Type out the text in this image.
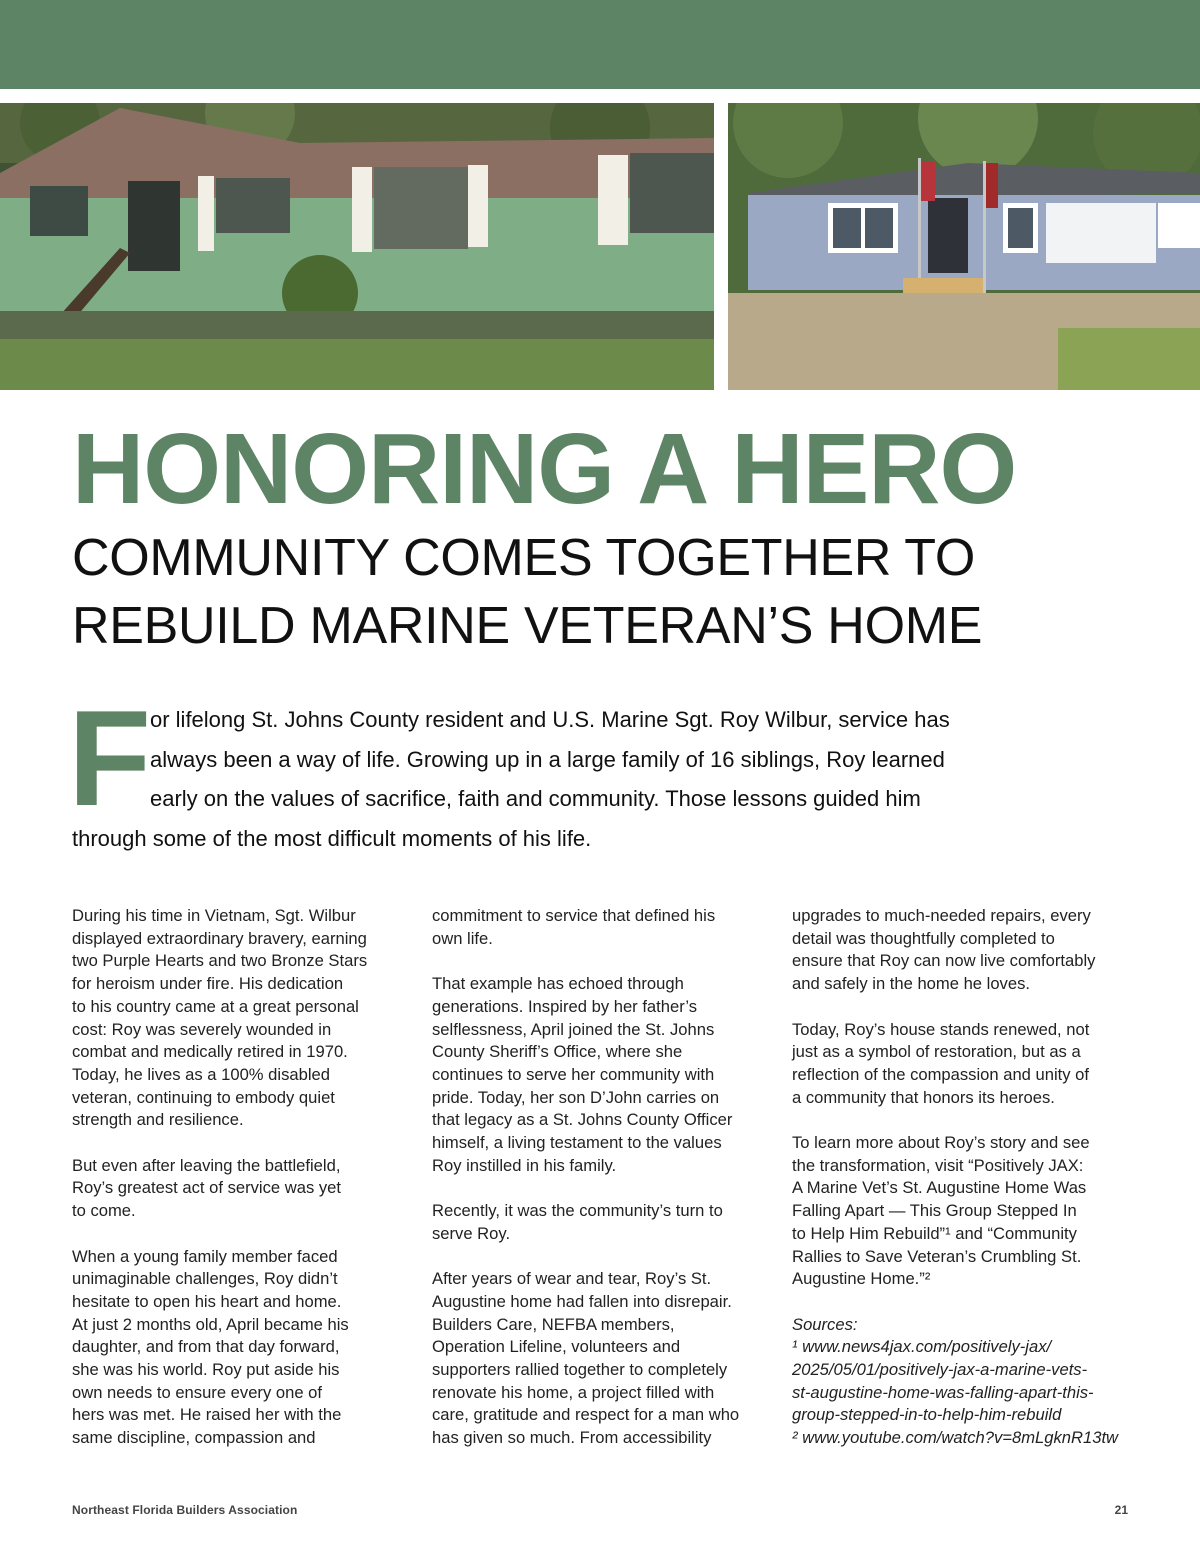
HONORING A HERO
COMMUNITY COMES TOGETHER TO
REBUILD MARINE VETERAN’S HOME
F
or lifelong St. Johns County resident and U.S. Marine Sgt. Roy Wilbur, service has
always been a way of life. Growing up in a large family of 16 siblings, Roy learned
early on the values of sacrifice, faith and community. Those lessons guided him
through some of the most difficult moments of his life.

During his time in Vietnam, Sgt. Wilbur
displayed extraordinary bravery, earning
two Purple Hearts and two Bronze Stars
for heroism under fire. His dedication
to his country came at a great personal
cost: Roy was severely wounded in
combat and medically retired in 1970.
Today, he lives as a 100% disabled
veteran, continuing to embody quiet
strength and resilience.

But even after leaving the battlefield,
Roy’s greatest act of service was yet
to come.

When a young family member faced
unimaginable challenges, Roy didn’t
hesitate to open his heart and home.
At just 2 months old, April became his
daughter, and from that day forward,
she was his world. Roy put aside his
own needs to ensure every one of
hers was met. He raised her with the
same discipline, compassion and

commitment to service that defined his
own life.

That example has echoed through
generations. Inspired by her father’s
selflessness, April joined the St. Johns
County Sheriff’s Office, where she
continues to serve her community with
pride. Today, her son D’John carries on
that legacy as a St. Johns County Officer
himself, a living testament to the values
Roy instilled in his family.

Recently, it was the community’s turn to
serve Roy.

After years of wear and tear, Roy’s St.
Augustine home had fallen into disrepair.
Builders Care, NEFBA members,
Operation Lifeline, volunteers and
supporters rallied together to completely
renovate his home, a project filled with
care, gratitude and respect for a man who
has given so much. From accessibility

upgrades to much-needed repairs, every
detail was thoughtfully completed to
ensure that Roy can now live comfortably
and safely in the home he loves.

Today, Roy’s house stands renewed, not
just as a symbol of restoration, but as a
reflection of the compassion and unity of
a community that honors its heroes.

To learn more about Roy’s story and see
the transformation, visit “Positively JAX:
A Marine Vet’s St. Augustine Home Was
Falling Apart — This Group Stepped In
to Help Him Rebuild”¹ and “Community
Rallies to Save Veteran’s Crumbling St.
Augustine Home.”²

Sources:
¹ www.news4jax.com/positively-jax/
2025/05/01/positively-jax-a-marine-vets-
st-augustine-home-was-falling-apart-this-
group-stepped-in-to-help-him-rebuild
² www.youtube.com/watch?v=8mLgknR13tw

Northeast Florida Builders Association	21
